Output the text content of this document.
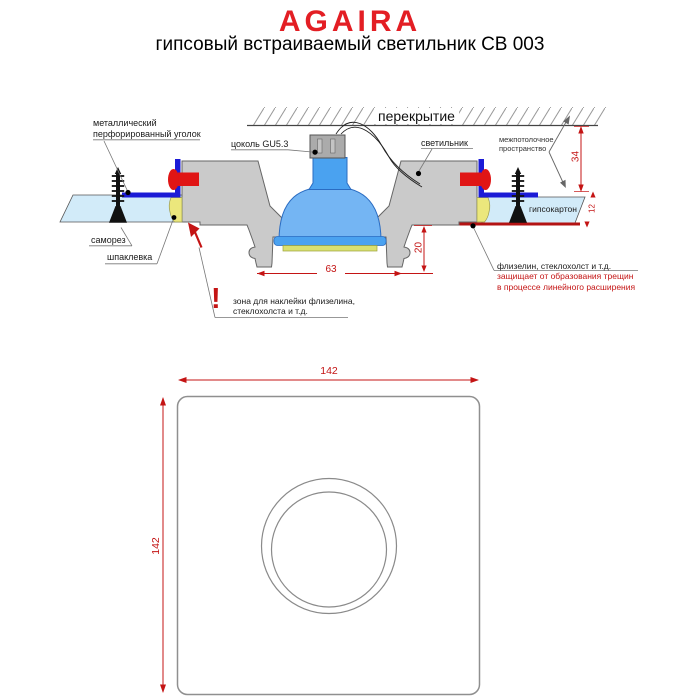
AGAIRA
гипсовый встраиваемый светильник СВ 003
перекрытие
металлический
перфорированный уголок
цоколь GU5.3	светильник	межпотолочное
пространство
гипсокартон
саморез
шпаклевка
! зона для наклейки флизелина,
стеклохолста и т.д.
флизелин, стеклохолст и т.д.
защищает от образования трещин
в процессе линейного расширения
34
12
20
63
142
142
